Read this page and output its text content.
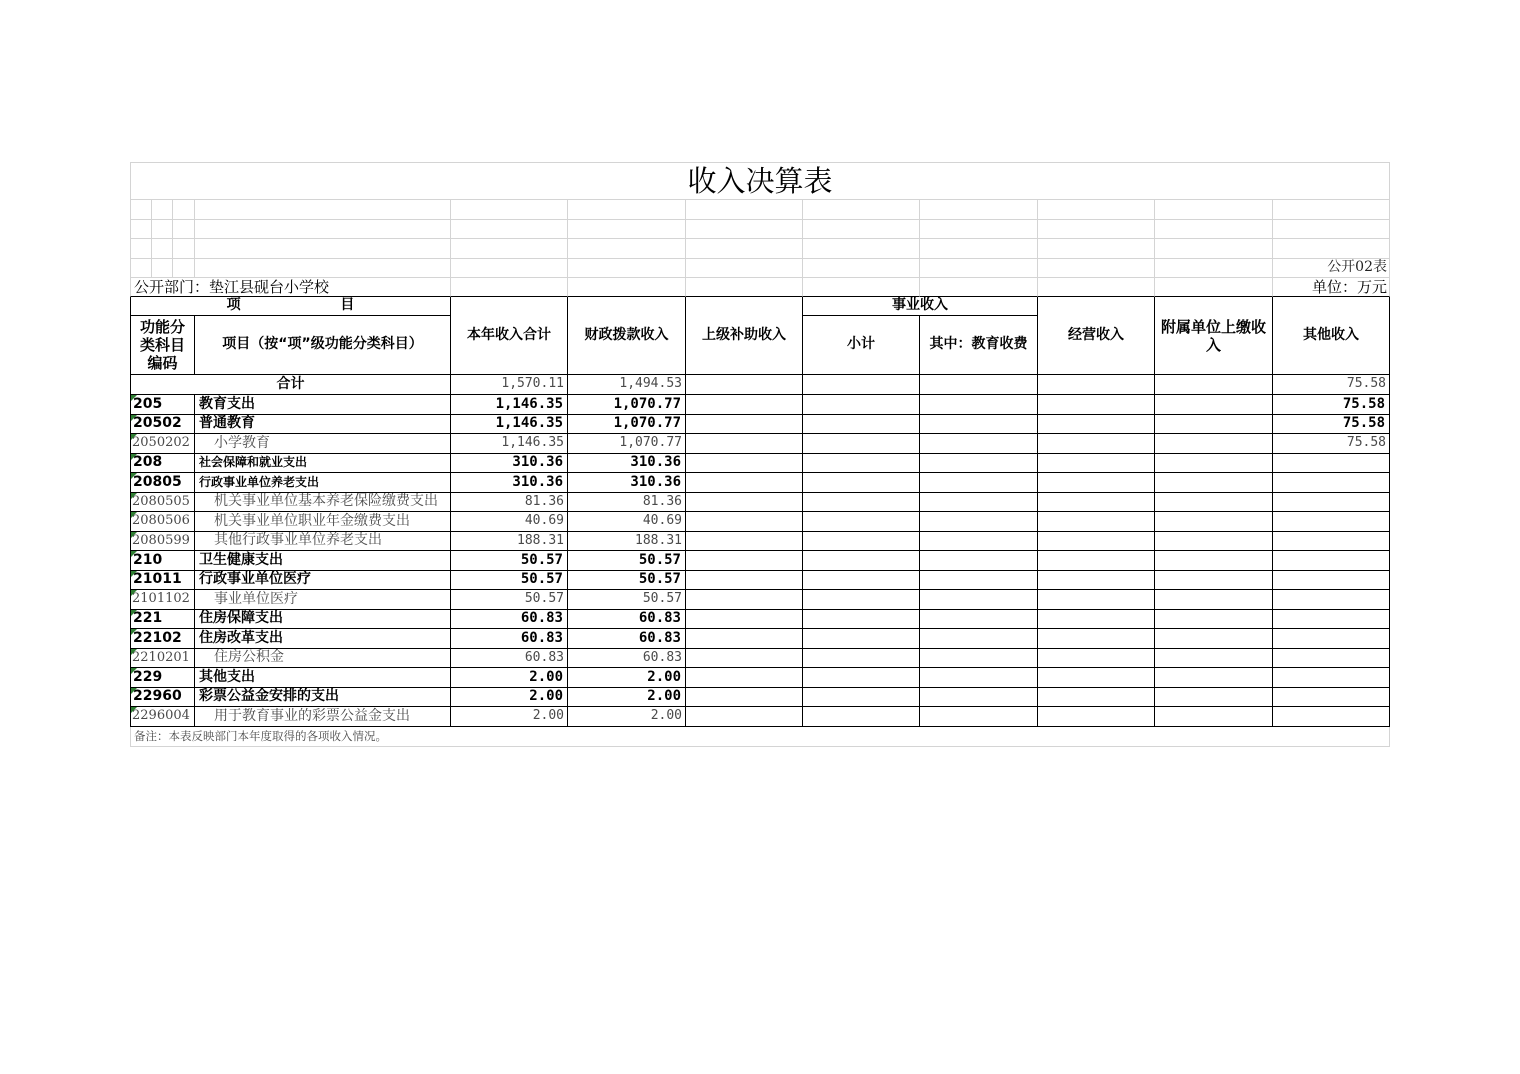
收入决算表											

											公开02表
公开部门：垫江县砚台小学校											单位：万元
项 目				本年收入合计	财政拨款收入	上级补助收入	事业收入		经营收入	附属单位上缴收入	其他收入

功能分类科目编码			项目（按“项”级功能分类科目）				小计	其中：教育收费			
合计				1,570.11	1,494.53						75.58
205			教育支出	1,146.35	1,070.77						75.58
20502			普通教育	1,146.35	1,070.77						75.58
2050202			小学教育	1,146.35	1,070.77						75.58
208			社会保障和就业支出	310.36	310.36						
20805			行政事业单位养老支出	310.36	310.36						
2080505			机关事业单位基本养老保险缴费支出	81.36	81.36						
2080506			机关事业单位职业年金缴费支出	40.69	40.69						
2080599			其他行政事业单位养老支出	188.31	188.31						
210			卫生健康支出	50.57	50.57						
21011			行政事业单位医疗	50.57	50.57						
2101102			事业单位医疗	50.57	50.57						
221			住房保障支出	60.83	60.83						
22102			住房改革支出	60.83	60.83						
2210201			住房公积金	60.83	60.83						
229			其他支出	2.00	2.00						
22960			彩票公益金安排的支出	2.00	2.00						
2296004			用于教育事业的彩票公益金支出	2.00	2.00						
备注：本表反映部门本年度取得的各项收入情况。											
